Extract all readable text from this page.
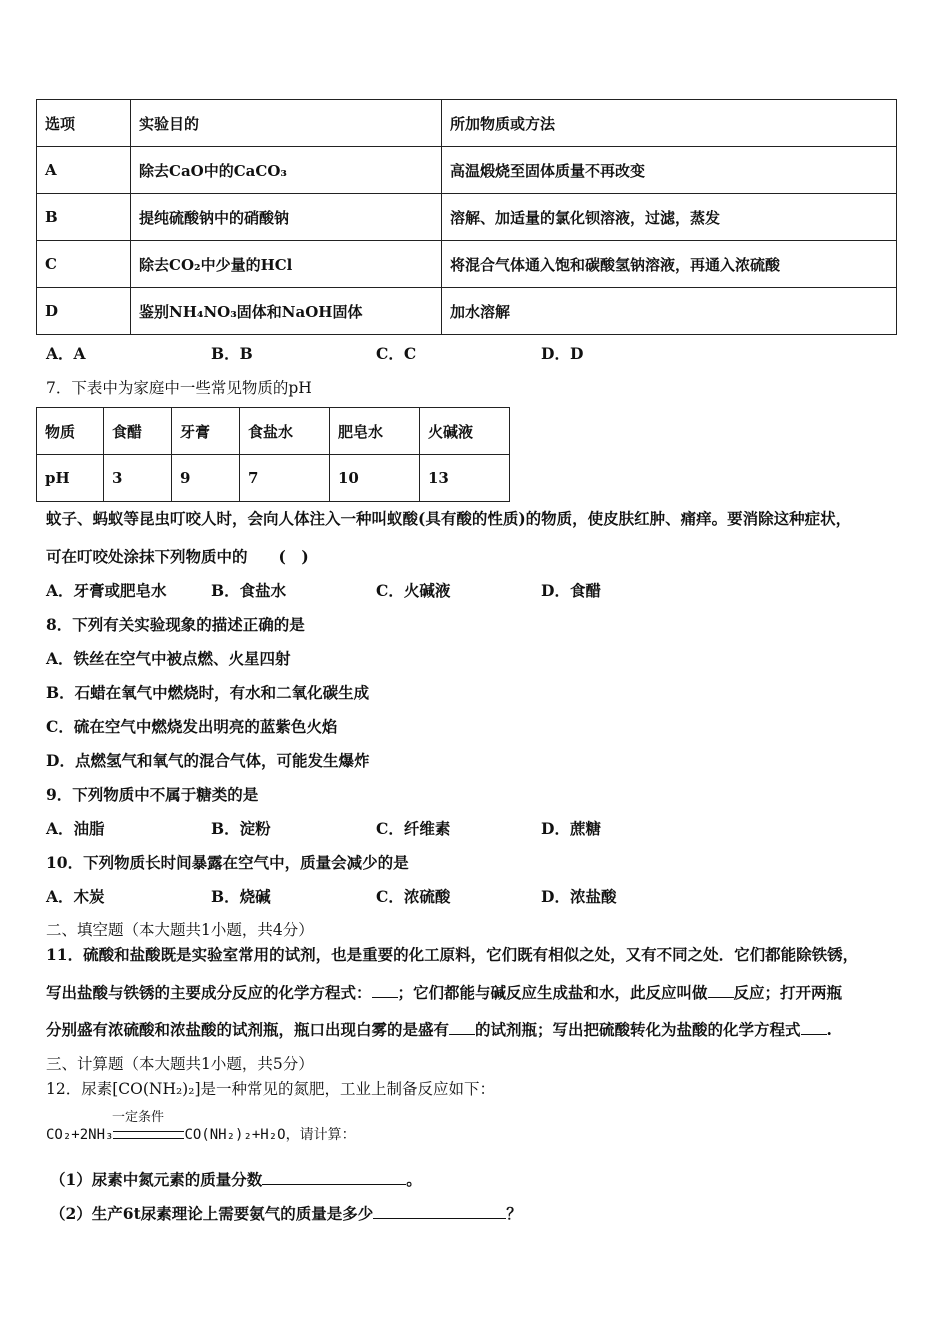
选项	实验目的	所加物质或方法
A	除去CaO中的CaCO₃	高温煅烧至固体质量不再改变
B	提纯硫酸钠中的硝酸钠	溶解、加适量的氯化钡溶液，过滤，蒸发
C	除去CO₂中少量的HCl	将混合气体通入饱和碳酸氢钠溶液，再通入浓硫酸
D	鉴别NH₄NO₃固体和NaOH固体	加水溶解
A．A	B．B	C．C	D．D
7．下表中为家庭中一些常见物质的pH
物质	食醋	牙膏	食盐水	肥皂水	火碱液
pH	3	9	7	10	13
蚊子、蚂蚁等昆虫叮咬人时，会向人体注入一种叫蚁酸(具有酸的性质)的物质，使皮肤红肿、痛痒。要消除这种症状，
可在叮咬处涂抹下列物质中的　　(　)
A．牙膏或肥皂水	B．食盐水	C．火碱液	D．食醋
8．下列有关实验现象的描述正确的是
A．铁丝在空气中被点燃、火星四射
B．石蜡在氧气中燃烧时，有水和二氧化碳生成
C．硫在空气中燃烧发出明亮的蓝紫色火焰
D．点燃氢气和氧气的混合气体，可能发生爆炸
9．下列物质中不属于糖类的是
A．油脂	B．淀粉	C．纤维素	D．蔗糖
10．下列物质长时间暴露在空气中，质量会减少的是
A．木炭	B．烧碱	C．浓硫酸	D．浓盐酸
二、填空题（本大题共1小题，共4分）
11．硫酸和盐酸既是实验室常用的试剂，也是重要的化工原料，它们既有相似之处，又有不同之处．它们都能除铁锈，
写出盐酸与铁锈的主要成分反应的化学方程式： ；它们都能与碱反应生成盐和水，此反应叫做 反应；打开两瓶
分别盛有浓硫酸和浓盐酸的试剂瓶，瓶口出现白雾的是盛有 的试剂瓶；写出把硫酸转化为盐酸的化学方程式 .
三、计算题（本大题共1小题，共5分）
12．尿素[CO(NH₂)₂]是一种常见的氮肥，工业上制备反应如下：
一定条件
CO₂+2NH₃	CO(NH₂)₂+H₂O，请计算：
（1）尿素中氮元素的质量分数	。
（2）生产6t尿素理论上需要氨气的质量是多少	？
